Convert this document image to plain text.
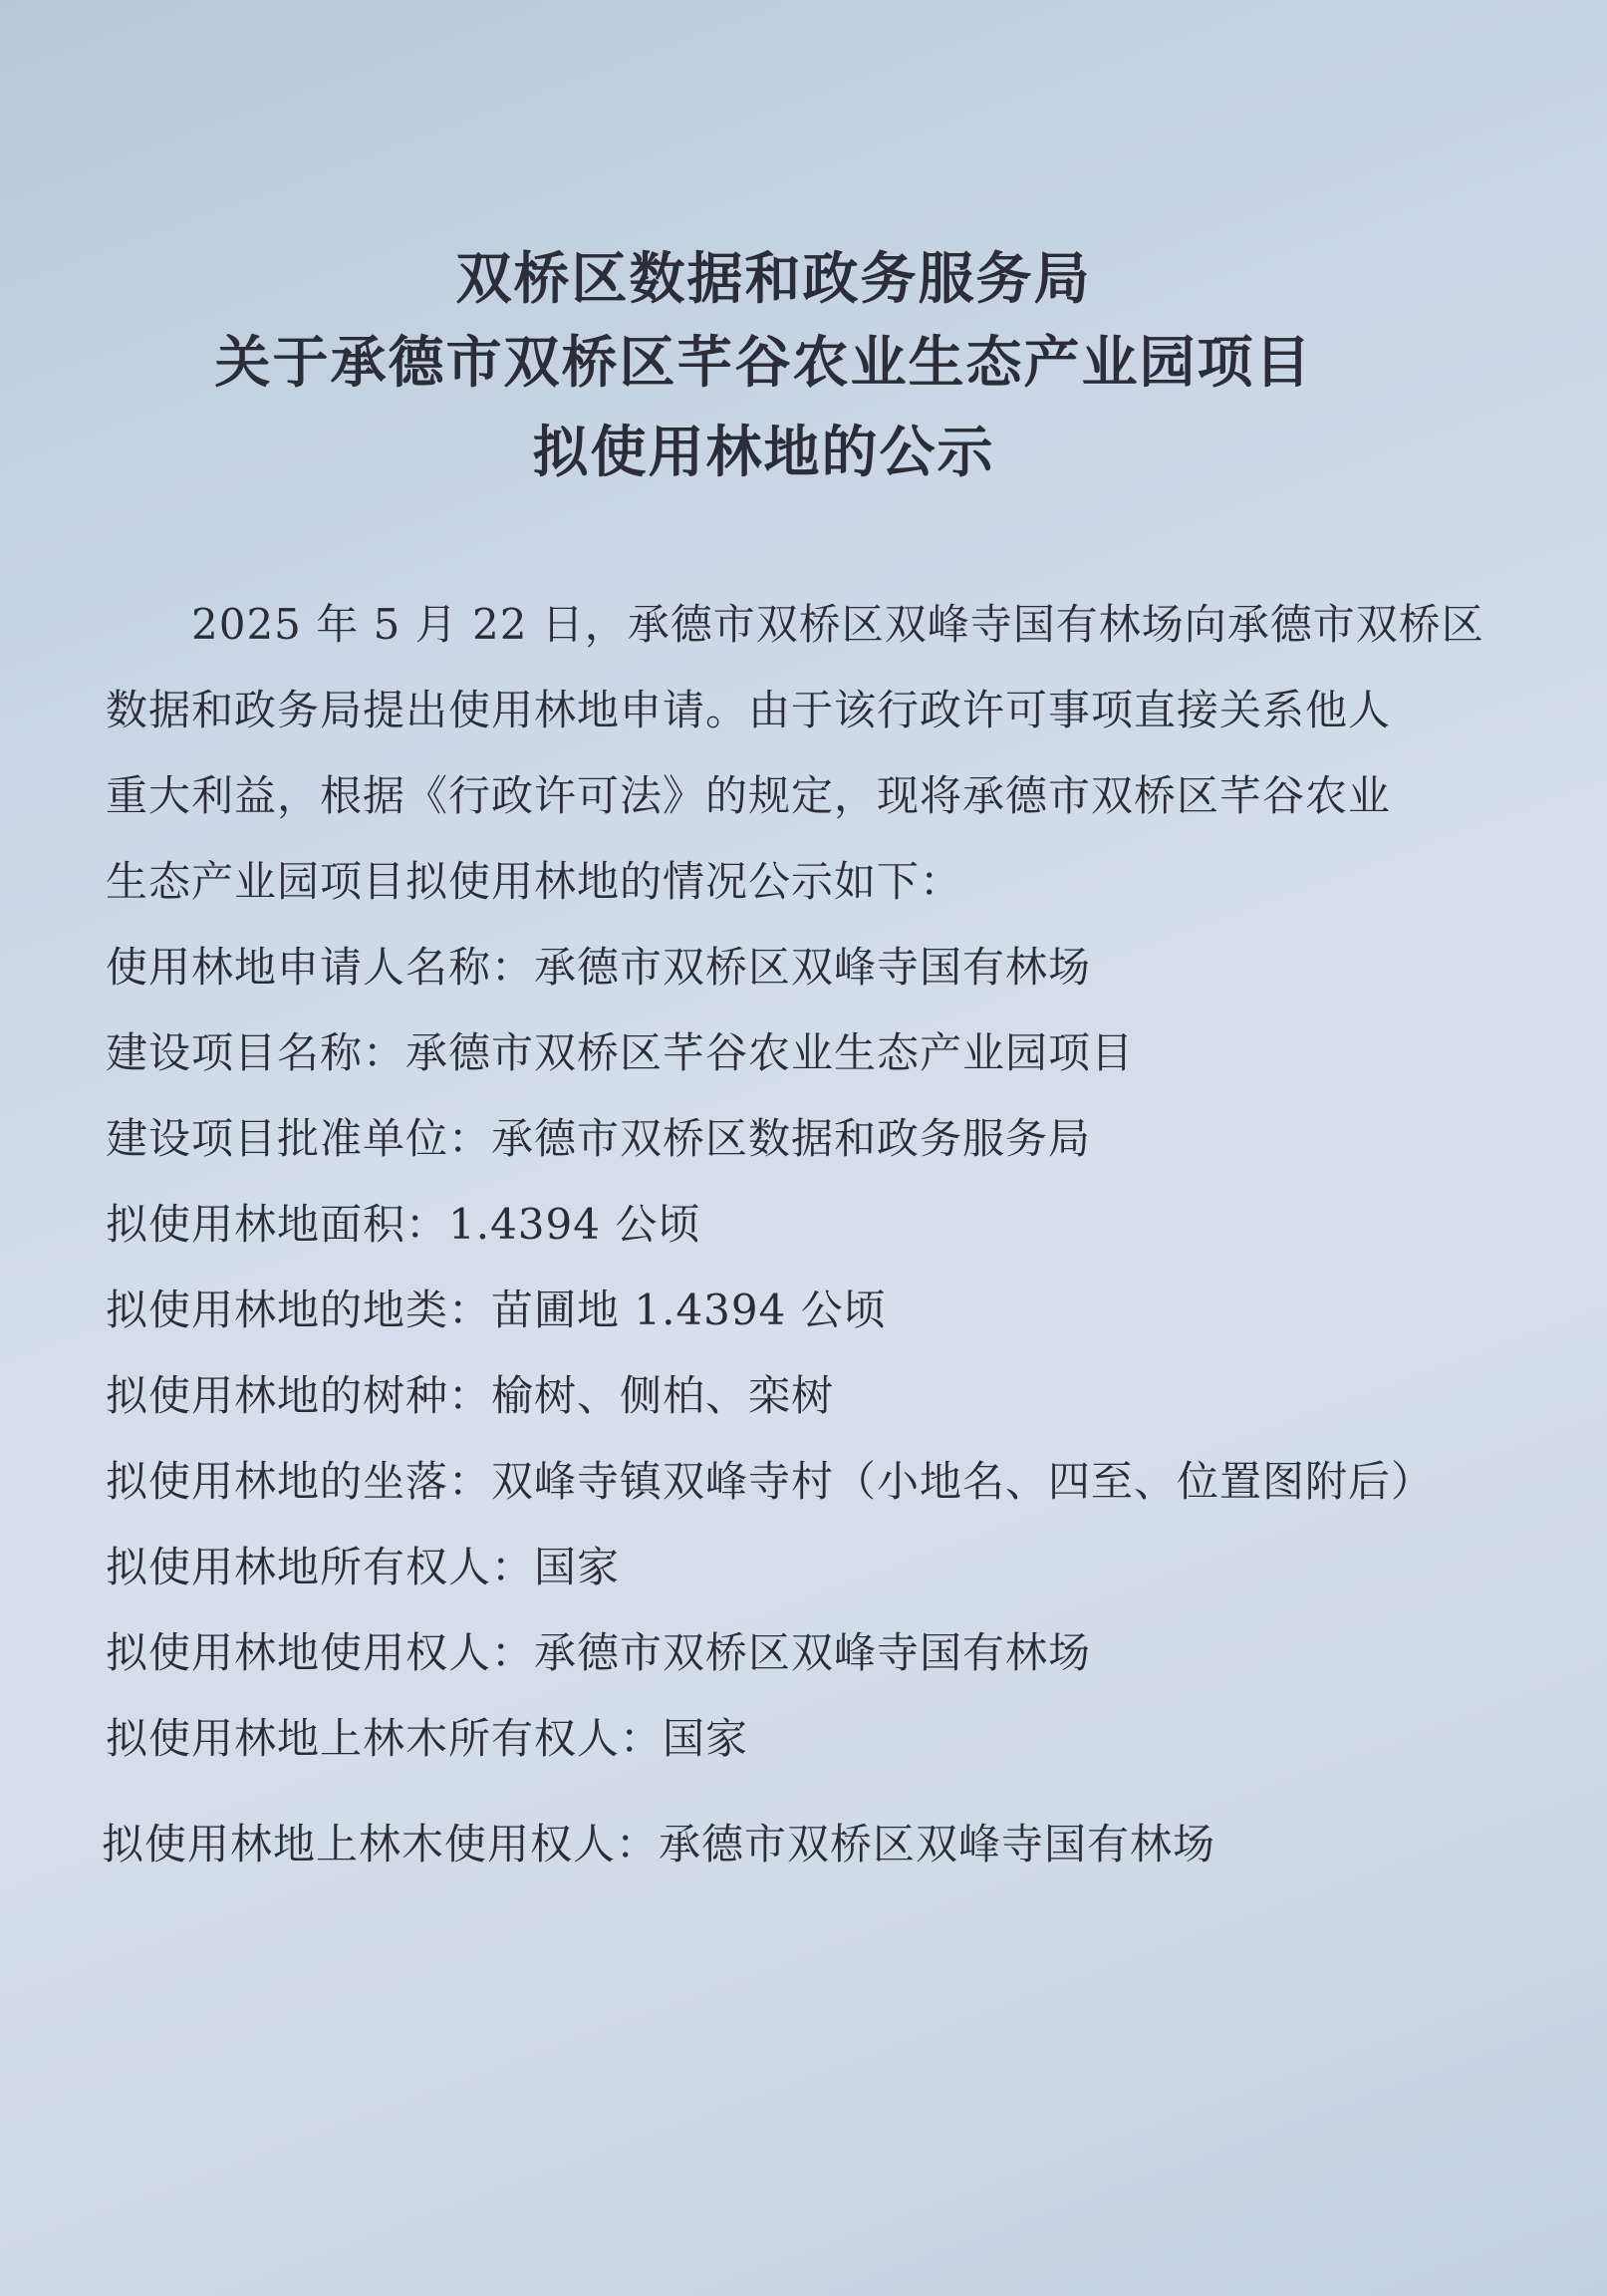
双桥区数据和政务服务局
关于承德市双桥区芊谷农业生态产业园项目
拟使用林地的公示
2025 年 5 月 22 日，承德市双桥区双峰寺国有林场向承德市双桥区
数据和政务局提出使用林地申请。由于该行政许可事项直接关系他人
重大利益，根据《行政许可法》的规定，现将承德市双桥区芊谷农业
生态产业园项目拟使用林地的情况公示如下：
使用林地申请人名称：承德市双桥区双峰寺国有林场
建设项目名称：承德市双桥区芊谷农业生态产业园项目
建设项目批准单位：承德市双桥区数据和政务服务局
拟使用林地面积：1.4394 公顷
拟使用林地的地类：苗圃地 1.4394 公顷
拟使用林地的树种：榆树、侧柏、栾树
拟使用林地的坐落：双峰寺镇双峰寺村（小地名、四至、位置图附后）
拟使用林地所有权人：国家
拟使用林地使用权人：承德市双桥区双峰寺国有林场
拟使用林地上林木所有权人：国家
拟使用林地上林木使用权人：承德市双桥区双峰寺国有林场
